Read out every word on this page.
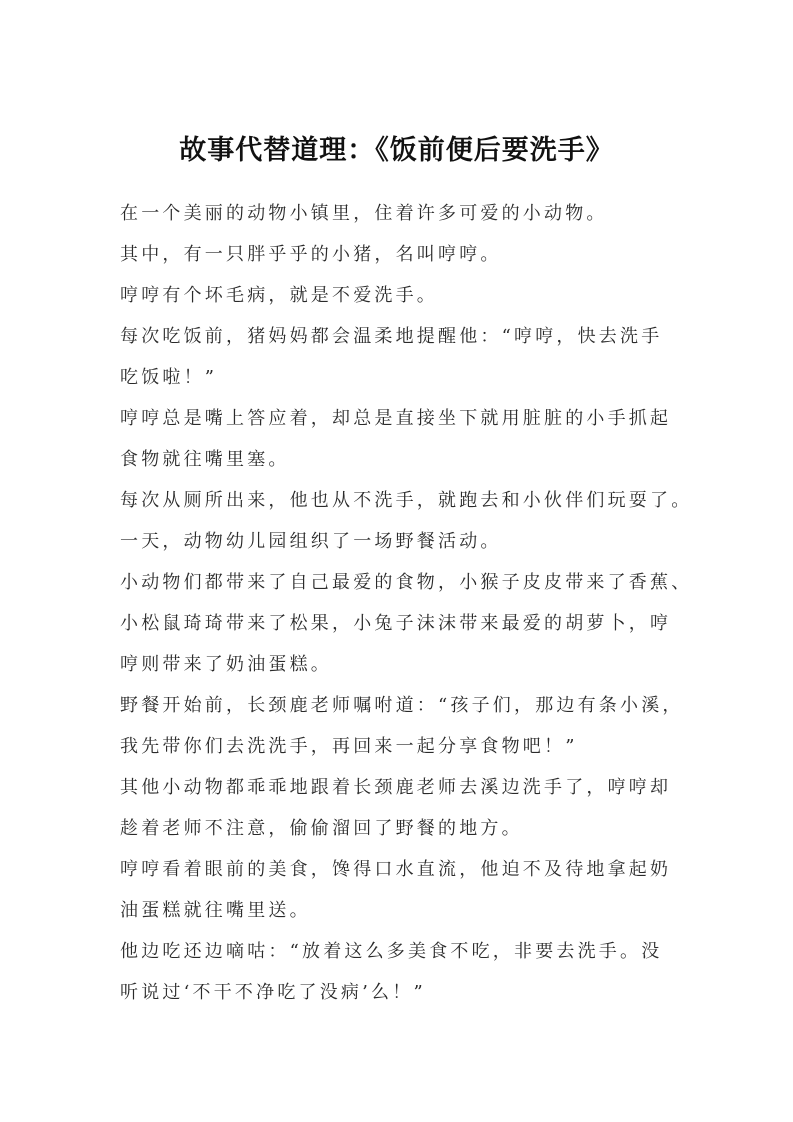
故事代替道理：《饭前便后要洗手》
在一个美丽的动物小镇里，住着许多可爱的小动物。
其中，有一只胖乎乎的小猪，名叫哼哼。
哼哼有个坏毛病，就是不爱洗手。
每次吃饭前，猪妈妈都会温柔地提醒他：“哼哼，快去洗手
吃饭啦！”
哼哼总是嘴上答应着，却总是直接坐下就用脏脏的小手抓起
食物就往嘴里塞。
每次从厕所出来，他也从不洗手，就跑去和小伙伴们玩耍了。
一天，动物幼儿园组织了一场野餐活动。
小动物们都带来了自己最爱的食物，小猴子皮皮带来了香蕉、
小松鼠琦琦带来了松果，小兔子沫沫带来最爱的胡萝卜，哼
哼则带来了奶油蛋糕。
野餐开始前，长颈鹿老师嘱咐道：“孩子们，那边有条小溪，
我先带你们去洗洗手，再回来一起分享食物吧！”
其他小动物都乖乖地跟着长颈鹿老师去溪边洗手了，哼哼却
趁着老师不注意，偷偷溜回了野餐的地方。
哼哼看着眼前的美食，馋得口水直流，他迫不及待地拿起奶
油蛋糕就往嘴里送。
他边吃还边嘀咕：“放着这么多美食不吃，非要去洗手。没
听说过‘不干不净吃了没病’么！”
